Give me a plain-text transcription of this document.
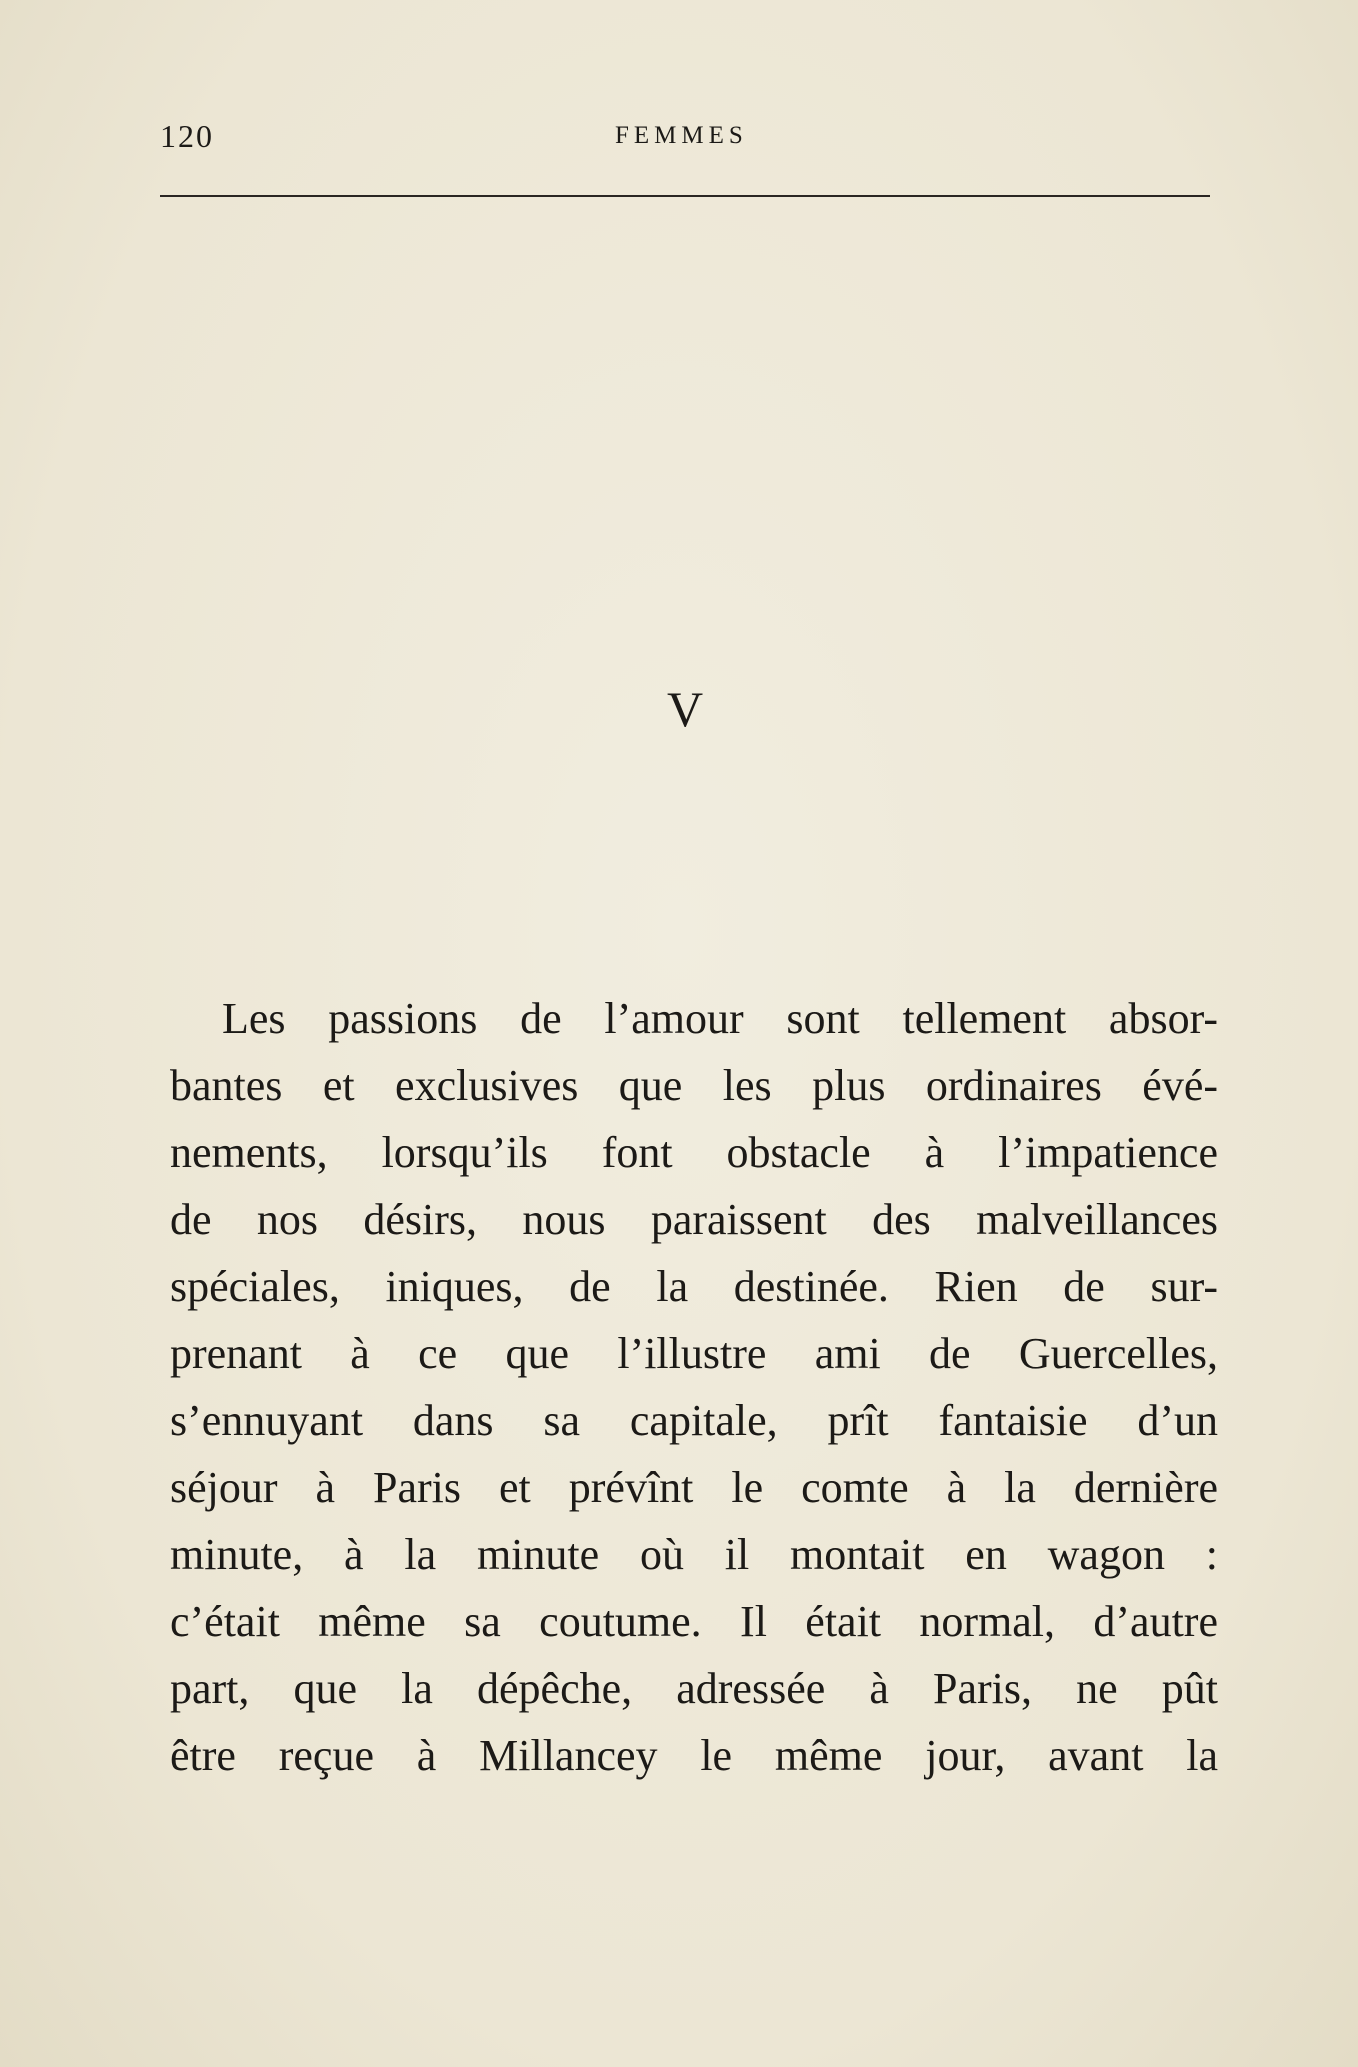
120	FEMMES
V
Les passions de l’amour sont tellement absor-
bantes et exclusives que les plus ordinaires évé-
nements, lorsqu’ils font obstacle à l’impatience
de nos désirs, nous paraissent des malveillances
spéciales, iniques, de la destinée. Rien de sur-
prenant à ce que l’illustre ami de Guercelles,
s’ennuyant dans sa capitale, prît fantaisie d’un
séjour à Paris et prévînt le comte à la dernière
minute, à la minute où il montait en wagon :
c’était même sa coutume. Il était normal, d’autre
part, que la dépêche, adressée à Paris, ne pût
être reçue à Millancey le même jour, avant la
